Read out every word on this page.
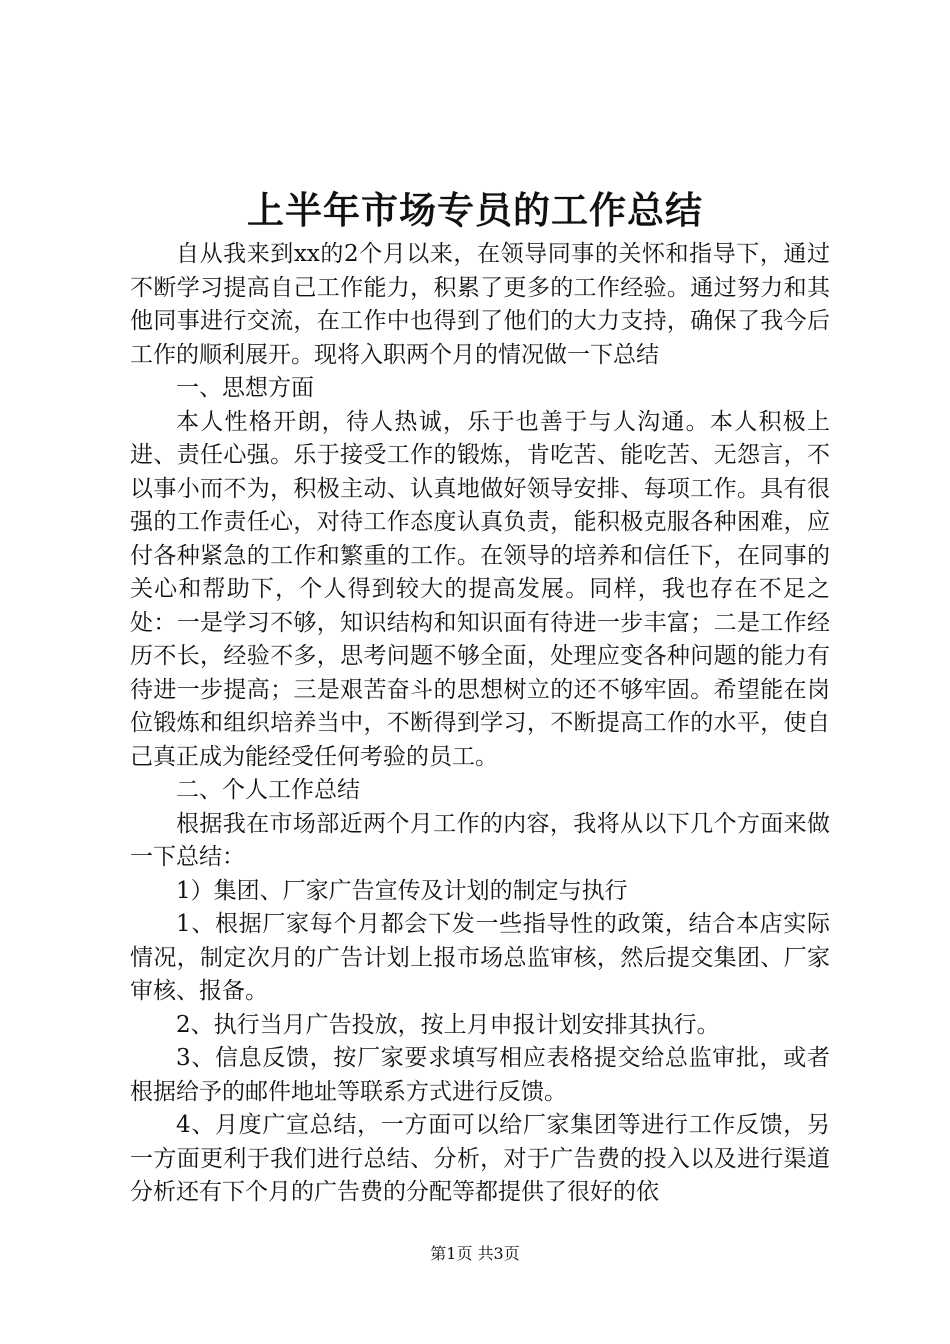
上半年市场专员的工作总结

自从我来到xx的2个月以来，在领导同事的关怀和指导下，通过不断学习提高自己工作能力，积累了更多的工作经验。通过努力和其他同事进行交流，在工作中也得到了他们的大力支持，确保了我今后工作的顺利展开。现将入职两个月的情况做一下总结

一、思想方面

本人性格开朗，待人热诚，乐于也善于与人沟通。本人积极上进、责任心强。乐于接受工作的锻炼，肯吃苦、能吃苦、无怨言，不以事小而不为，积极主动、认真地做好领导安排、每项工作。具有很强的工作责任心，对待工作态度认真负责，能积极克服各种困难，应付各种紧急的工作和繁重的工作。在领导的培养和信任下，在同事的关心和帮助下，个人得到较大的提高发展。同样，我也存在不足之处：一是学习不够，知识结构和知识面有待进一步丰富；二是工作经历不长，经验不多，思考问题不够全面，处理应变各种问题的能力有待进一步提高；三是艰苦奋斗的思想树立的还不够牢固。希望能在岗位锻炼和组织培养当中，不断得到学习，不断提高工作的水平，使自己真正成为能经受任何考验的员工。

二、个人工作总结

根据我在市场部近两个月工作的内容，我将从以下几个方面来做一下总结：

1）集团、厂家广告宣传及计划的制定与执行

1、根据厂家每个月都会下发一些指导性的政策，结合本店实际情况，制定次月的广告计划上报市场总监审核，然后提交集团、厂家审核、报备。

2、执行当月广告投放，按上月申报计划安排其执行。

3、信息反馈，按厂家要求填写相应表格提交给总监审批，或者根据给予的邮件地址等联系方式进行反馈。

4、月度广宣总结，一方面可以给厂家集团等进行工作反馈，另一方面更利于我们进行总结、分析，对于广告费的投入以及进行渠道分析还有下个月的广告费的分配等都提供了很好的依

第1页 共3页
